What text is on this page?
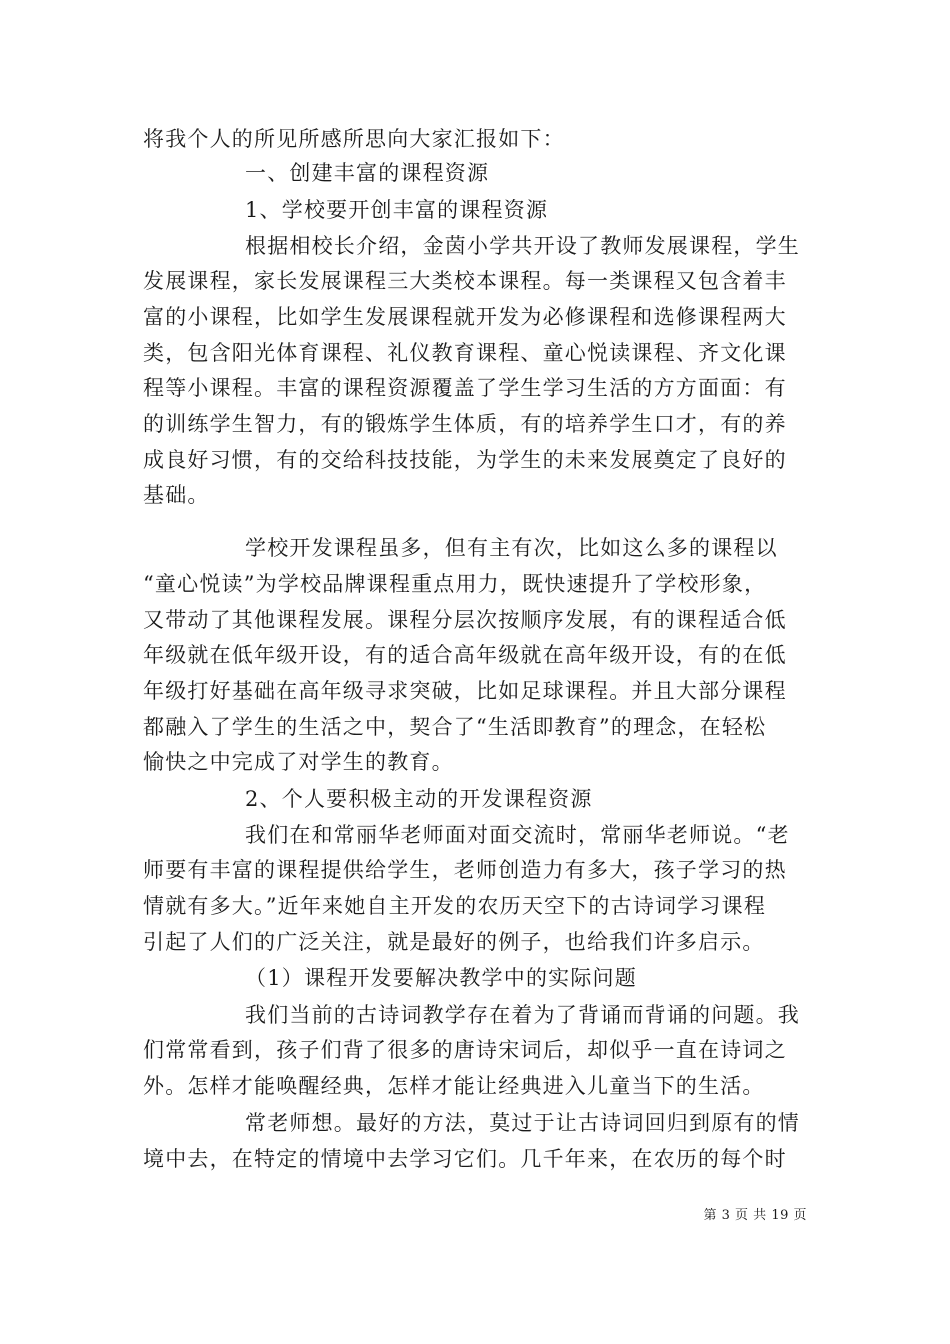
将我个人的所见所感所思向大家汇报如下：
一、创建丰富的课程资源
1、学校要开创丰富的课程资源
根据相校长介绍，金茵小学共开设了教师发展课程，学生
发展课程，家长发展课程三大类校本课程。每一类课程又包含着丰
富的小课程，比如学生发展课程就开发为必修课程和选修课程两大
类，包含阳光体育课程、礼仪教育课程、童心悦读课程、齐文化课
程等小课程。丰富的课程资源覆盖了学生学习生活的方方面面：有
的训练学生智力，有的锻炼学生体质，有的培养学生口才，有的养
成良好习惯，有的交给科技技能，为学生的未来发展奠定了良好的
基础。
学校开发课程虽多，但有主有次，比如这么多的课程以
“童心悦读”为学校品牌课程重点用力，既快速提升了学校形象，
又带动了其他课程发展。课程分层次按顺序发展，有的课程适合低
年级就在低年级开设，有的适合高年级就在高年级开设，有的在低
年级打好基础在高年级寻求突破，比如足球课程。并且大部分课程
都融入了学生的生活之中，契合了“生活即教育”的理念，在轻松
愉快之中完成了对学生的教育。
2、个人要积极主动的开发课程资源
我们在和常丽华老师面对面交流时，常丽华老师说。“老
师要有丰富的课程提供给学生，老师创造力有多大，孩子学习的热
情就有多大。”近年来她自主开发的农历天空下的古诗词学习课程
引起了人们的广泛关注，就是最好的例子，也给我们许多启示。
（1）课程开发要解决教学中的实际问题
我们当前的古诗词教学存在着为了背诵而背诵的问题。我
们常常看到，孩子们背了很多的唐诗宋词后，却似乎一直在诗词之
外。怎样才能唤醒经典，怎样才能让经典进入儿童当下的生活。
常老师想。最好的方法，莫过于让古诗词回归到原有的情
境中去，在特定的情境中去学习它们。几千年来，在农历的每个时
第 3 页 共 19 页
